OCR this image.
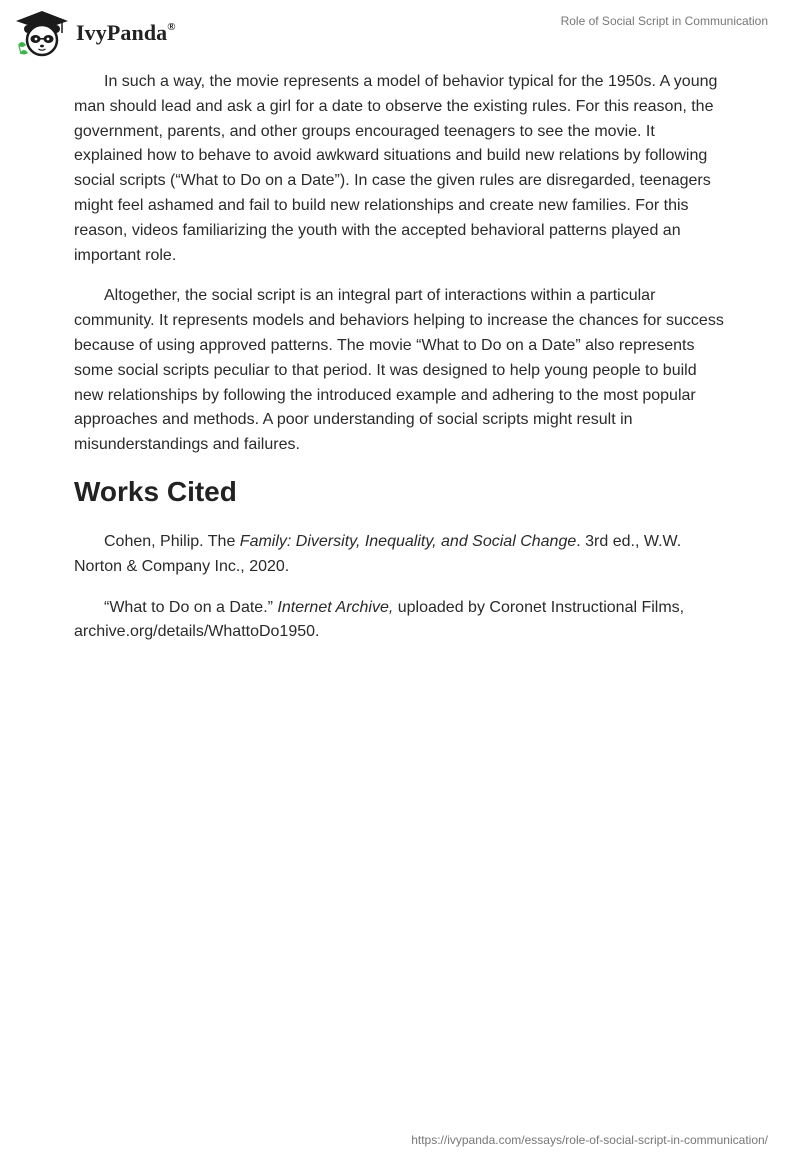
IvyPanda®	Role of Social Script in Communication

In such a way, the movie represents a model of behavior typical for the 1950s. A young man should lead and ask a girl for a date to observe the existing rules. For this reason, the government, parents, and other groups encouraged teenagers to see the movie. It explained how to behave to avoid awkward situations and build new relations by following social scripts (“What to Do on a Date”). In case the given rules are disregarded, teenagers might feel ashamed and fail to build new relationships and create new families. For this reason, videos familiarizing the youth with the accepted behavioral patterns played an important role.

Altogether, the social script is an integral part of interactions within a particular community. It represents models and behaviors helping to increase the chances for success because of using approved patterns. The movie “What to Do on a Date” also represents some social scripts peculiar to that period. It was designed to help young people to build new relationships by following the introduced example and adhering to the most popular approaches and methods. A poor understanding of social scripts might result in misunderstandings and failures.

Works Cited

Cohen, Philip. The Family: Diversity, Inequality, and Social Change. 3rd ed., W.W. Norton & Company Inc., 2020.

“What to Do on a Date.” Internet Archive, uploaded by Coronet Instructional Films, archive.org/details/WhattoDo1950.

https://ivypanda.com/essays/role-of-social-script-in-communication/
